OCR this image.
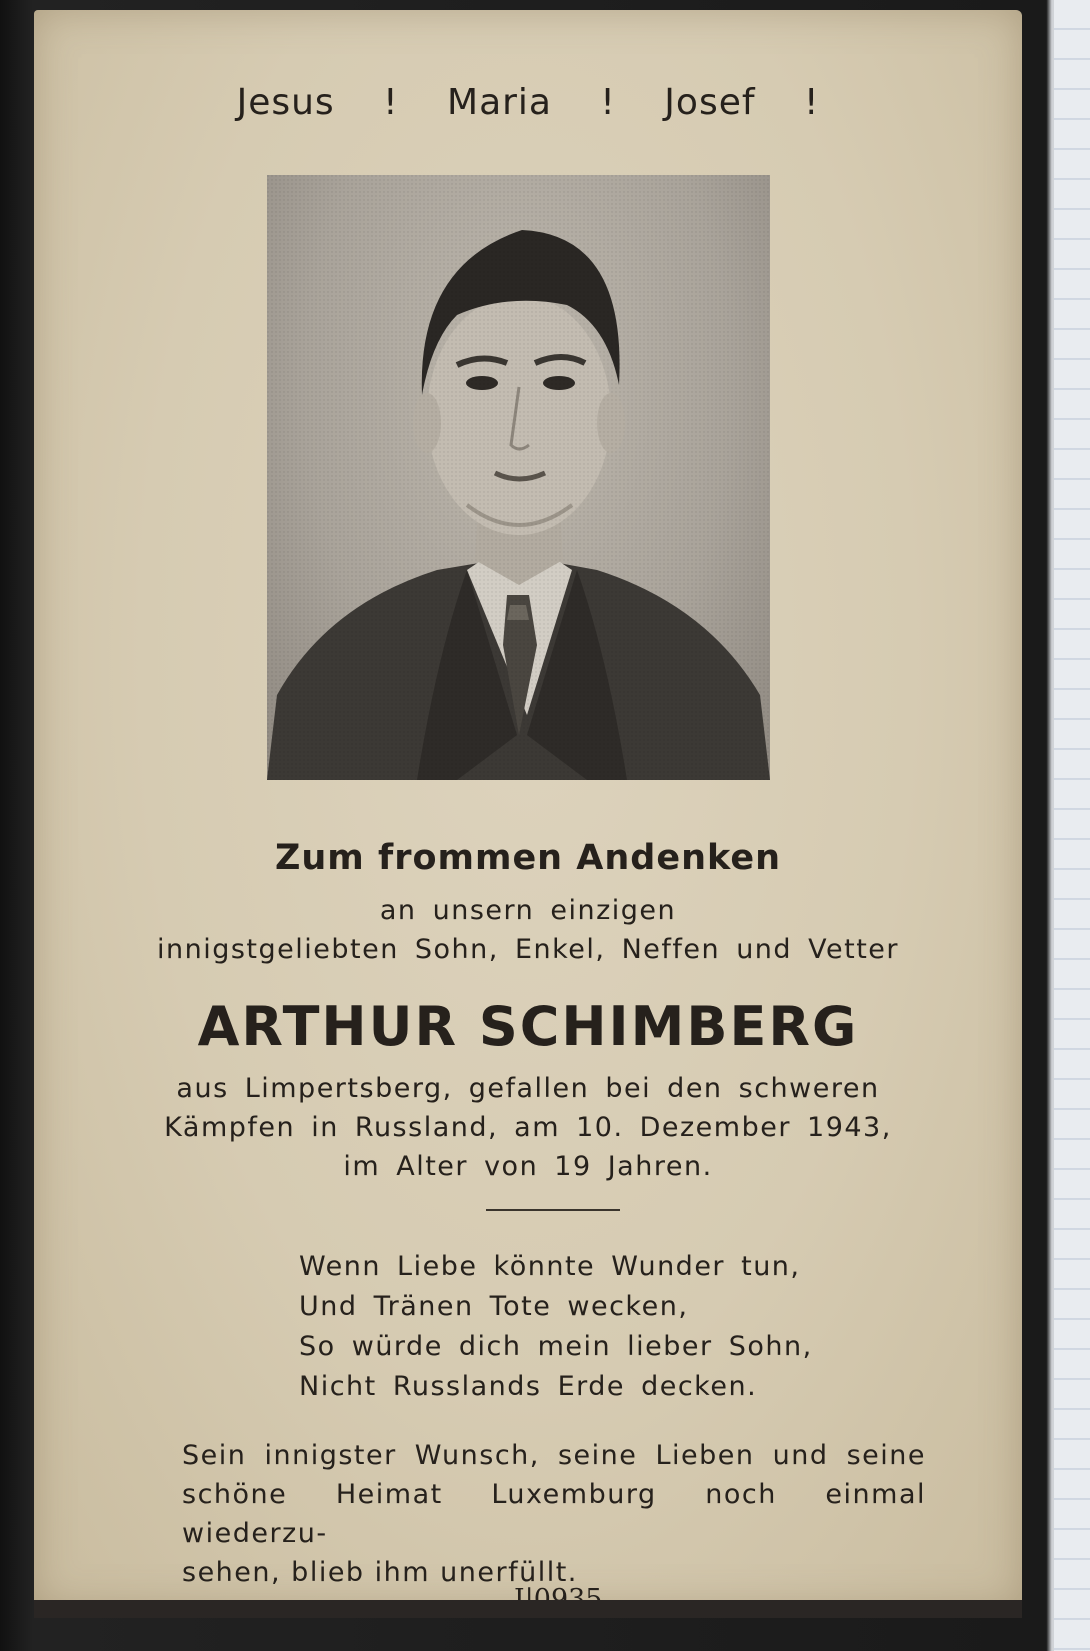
Jesus ! Maria ! Josef !
Zum frommen Andenken
an unsern einzigen
innigstgeliebten Sohn, Enkel, Neffen und Vetter
ARTHUR SCHIMBERG
aus Limpertsberg, gefallen bei den schweren
Kämpfen in Russland, am 10. Dezember 1943,
im Alter von 19 Jahren.
Wenn Liebe könnte Wunder tun,
Und Tränen Tote wecken,
So würde dich mein lieber Sohn,
Nicht Russlands Erde decken.
Sein innigster Wunsch, seine Lieben und seine
schöne Heimat Luxemburg noch einmal wiederzu-
sehen, blieb ihm unerfüllt.
